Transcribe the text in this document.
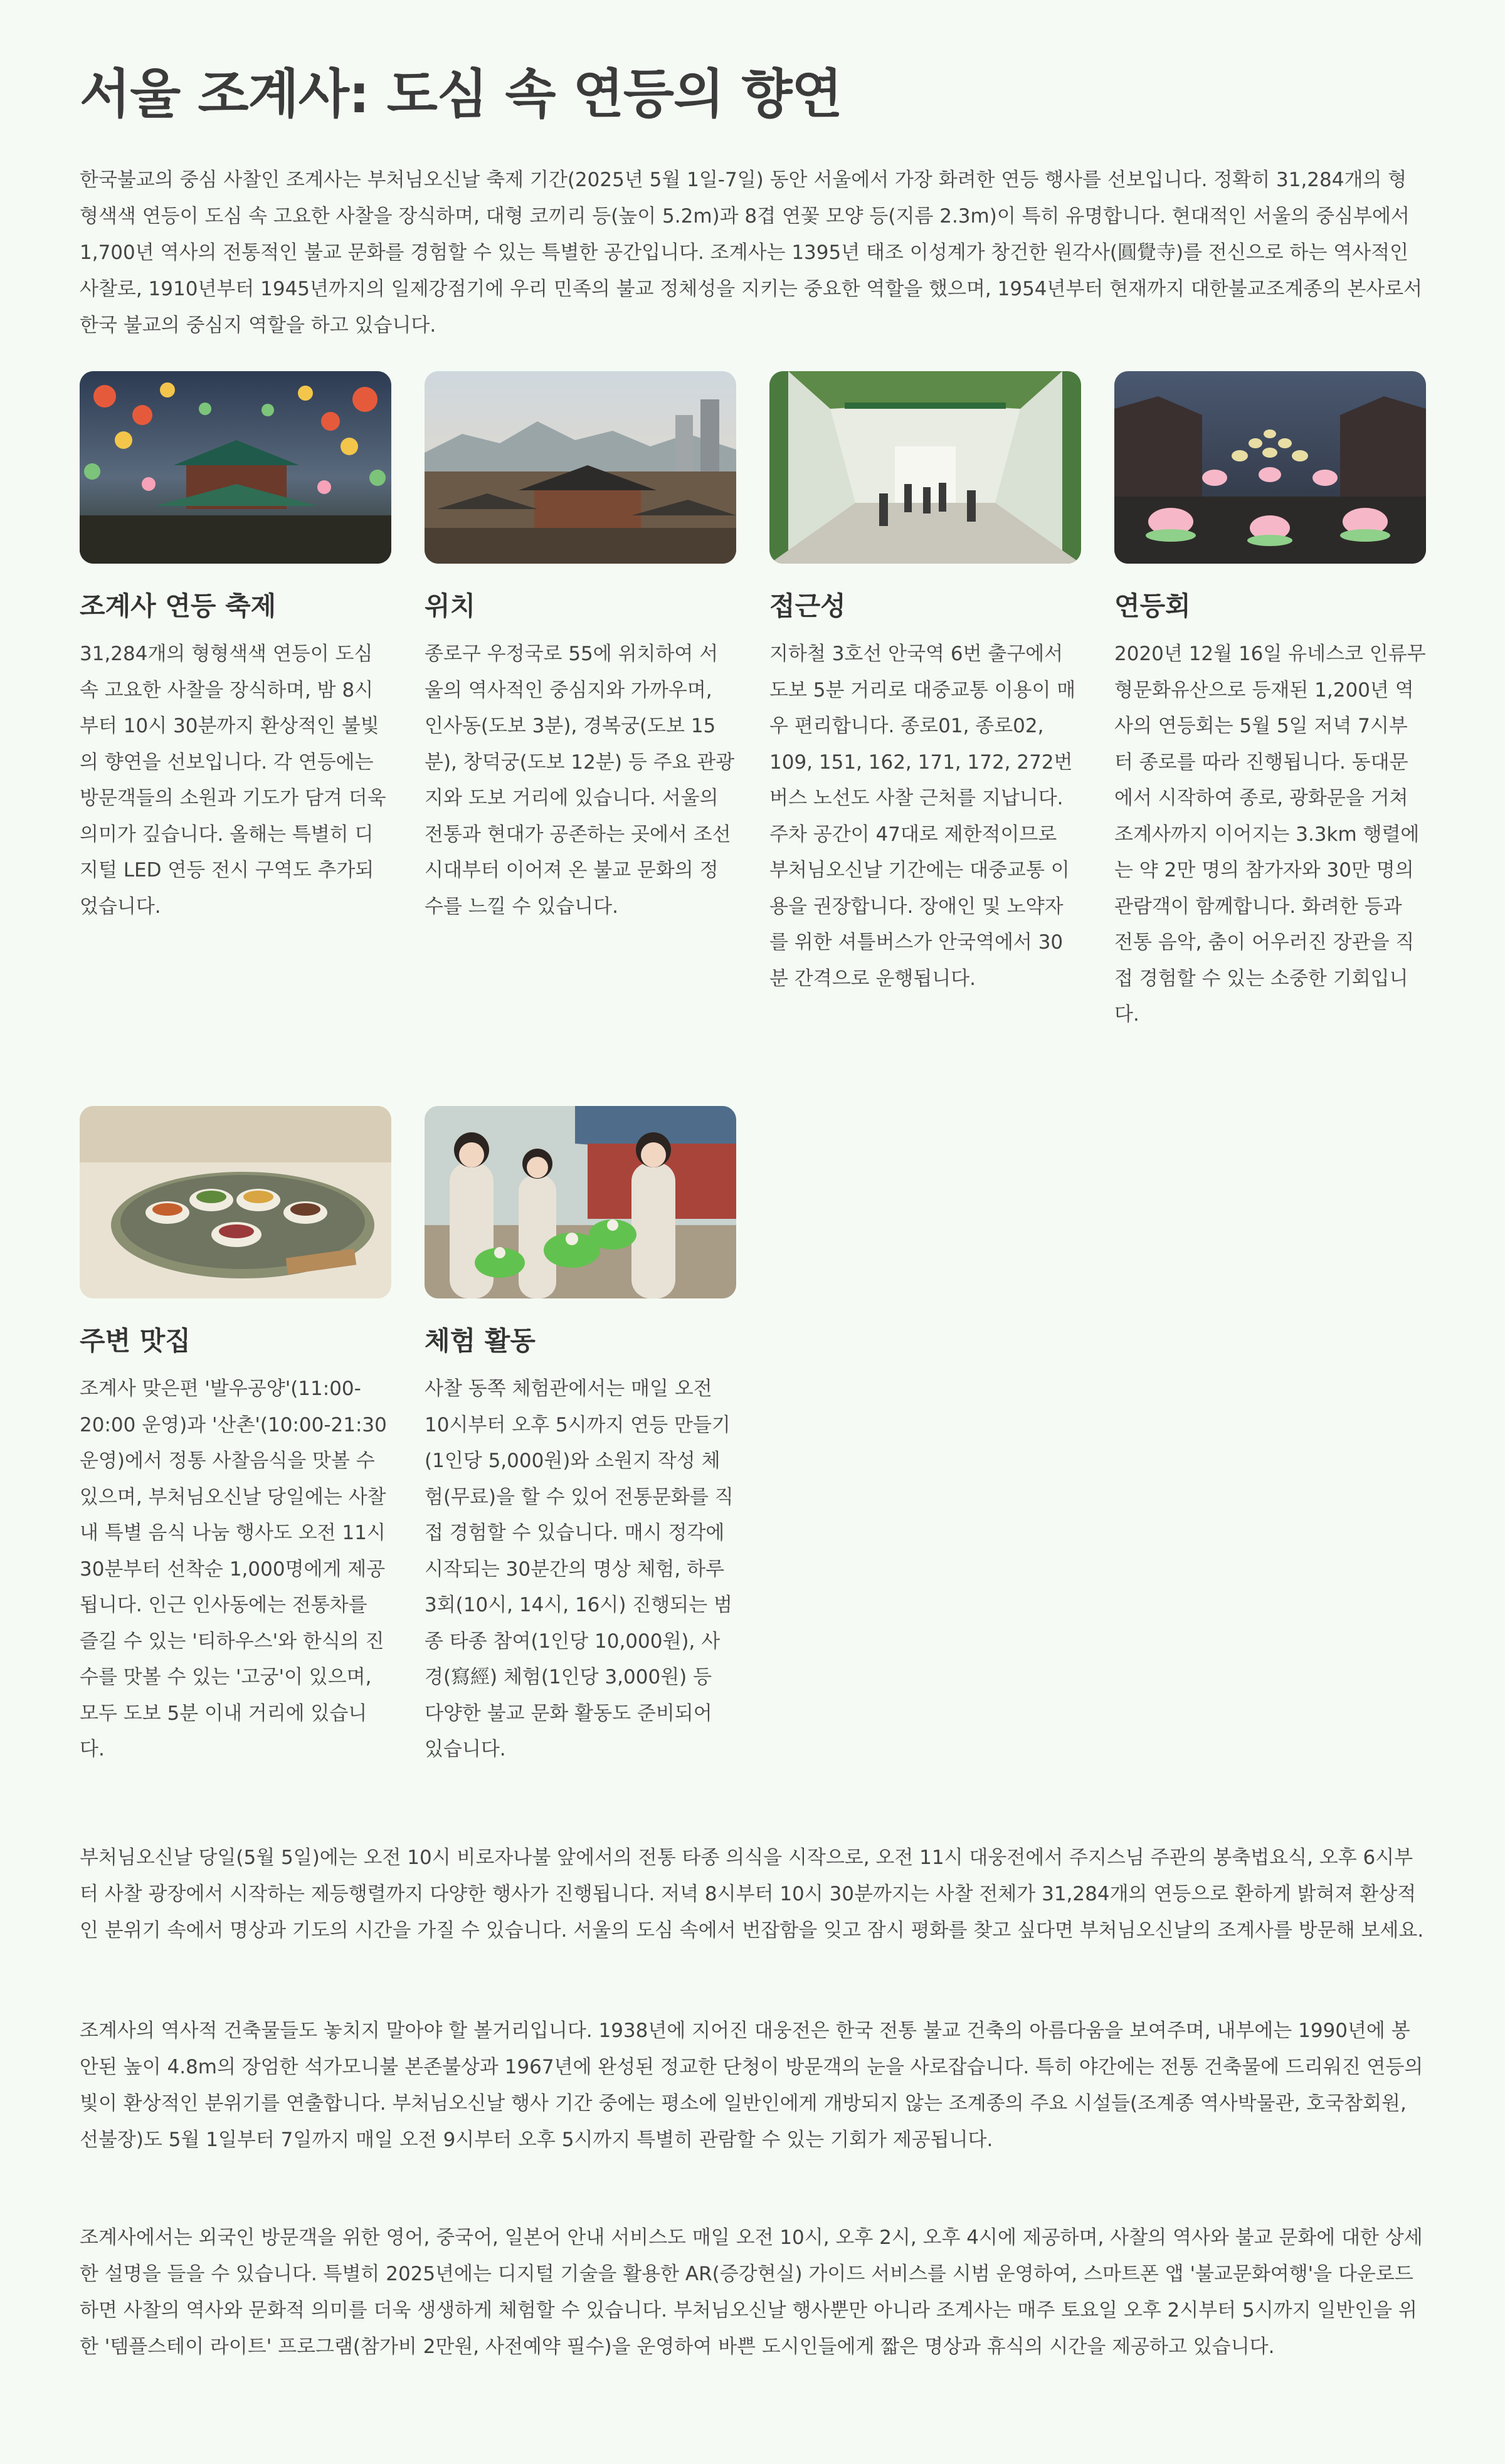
서울 조계사: 도심 속 연등의 향연

한국불교의 중심 사찰인 조계사는 부처님오신날 축제 기간(2025년 5월 1일-7일) 동안 서울에서 가장 화려한 연등 행사를 선보입니다. 정확히 31,284개의 형형색색 연등이 도심 속 고요한 사찰을 장식하며, 대형 코끼리 등(높이 5.2m)과 8겹 연꽃 모양 등(지름 2.3m)이 특히 유명합니다. 현대적인 서울의 중심부에서 1,700년 역사의 전통적인 불교 문화를 경험할 수 있는 특별한 공간입니다. 조계사는 1395년 태조 이성계가 창건한 원각사(圓覺寺)를 전신으로 하는 역사적인 사찰로, 1910년부터 1945년까지의 일제강점기에 우리 민족의 불교 정체성을 지키는 중요한 역할을 했으며, 1954년부터 현재까지 대한불교조계종의 본사로서 한국 불교의 중심지 역할을 하고 있습니다.

조계사 연등 축제

31,284개의 형형색색 연등이 도심 속 고요한 사찰을 장식하며, 밤 8시부터 10시 30분까지 환상적인 불빛의 향연을 선보입니다. 각 연등에는 방문객들의 소원과 기도가 담겨 더욱 의미가 깊습니다. 올해는 특별히 디지털 LED 연등 전시 구역도 추가되었습니다.

위치

종로구 우정국로 55에 위치하여 서울의 역사적인 중심지와 가까우며, 인사동(도보 3분), 경복궁(도보 15분), 창덕궁(도보 12분) 등 주요 관광지와 도보 거리에 있습니다. 서울의 전통과 현대가 공존하는 곳에서 조선시대부터 이어져 온 불교 문화의 정수를 느낄 수 있습니다.

접근성

지하철 3호선 안국역 6번 출구에서 도보 5분 거리로 대중교통 이용이 매우 편리합니다. 종로01, 종로02, 109, 151, 162, 171, 172, 272번 버스 노선도 사찰 근처를 지납니다. 주차 공간이 47대로 제한적이므로 부처님오신날 기간에는 대중교통 이용을 권장합니다. 장애인 및 노약자를 위한 셔틀버스가 안국역에서 30분 간격으로 운행됩니다.

연등회

2020년 12월 16일 유네스코 인류무형문화유산으로 등재된 1,200년 역사의 연등회는 5월 5일 저녁 7시부터 종로를 따라 진행됩니다. 동대문에서 시작하여 종로, 광화문을 거쳐 조계사까지 이어지는 3.3km 행렬에는 약 2만 명의 참가자와 30만 명의 관람객이 함께합니다. 화려한 등과 전통 음악, 춤이 어우러진 장관을 직접 경험할 수 있는 소중한 기회입니다.

주변 맛집

조계사 맞은편 '발우공양'(11:00-20:00 운영)과 '산촌'(10:00-21:30 운영)에서 정통 사찰음식을 맛볼 수 있으며, 부처님오신날 당일에는 사찰 내 특별 음식 나눔 행사도 오전 11시 30분부터 선착순 1,000명에게 제공됩니다. 인근 인사동에는 전통차를 즐길 수 있는 '티하우스'와 한식의 진수를 맛볼 수 있는 '고궁'이 있으며, 모두 도보 5분 이내 거리에 있습니다.

체험 활동

사찰 동쪽 체험관에서는 매일 오전 10시부터 오후 5시까지 연등 만들기(1인당 5,000원)와 소원지 작성 체험(무료)을 할 수 있어 전통문화를 직접 경험할 수 있습니다. 매시 정각에 시작되는 30분간의 명상 체험, 하루 3회(10시, 14시, 16시) 진행되는 범종 타종 참여(1인당 10,000원), 사경(寫經) 체험(1인당 3,000원) 등 다양한 불교 문화 활동도 준비되어 있습니다.

부처님오신날 당일(5월 5일)에는 오전 10시 비로자나불 앞에서의 전통 타종 의식을 시작으로, 오전 11시 대웅전에서 주지스님 주관의 봉축법요식, 오후 6시부터 사찰 광장에서 시작하는 제등행렬까지 다양한 행사가 진행됩니다. 저녁 8시부터 10시 30분까지는 사찰 전체가 31,284개의 연등으로 환하게 밝혀져 환상적인 분위기 속에서 명상과 기도의 시간을 가질 수 있습니다. 서울의 도심 속에서 번잡함을 잊고 잠시 평화를 찾고 싶다면 부처님오신날의 조계사를 방문해 보세요.

조계사의 역사적 건축물들도 놓치지 말아야 할 볼거리입니다. 1938년에 지어진 대웅전은 한국 전통 불교 건축의 아름다움을 보여주며, 내부에는 1990년에 봉안된 높이 4.8m의 장엄한 석가모니불 본존불상과 1967년에 완성된 정교한 단청이 방문객의 눈을 사로잡습니다. 특히 야간에는 전통 건축물에 드리워진 연등의 빛이 환상적인 분위기를 연출합니다. 부처님오신날 행사 기간 중에는 평소에 일반인에게 개방되지 않는 조계종의 주요 시설들(조계종 역사박물관, 호국참회원, 선불장)도 5월 1일부터 7일까지 매일 오전 9시부터 오후 5시까지 특별히 관람할 수 있는 기회가 제공됩니다.

조계사에서는 외국인 방문객을 위한 영어, 중국어, 일본어 안내 서비스도 매일 오전 10시, 오후 2시, 오후 4시에 제공하며, 사찰의 역사와 불교 문화에 대한 상세한 설명을 들을 수 있습니다. 특별히 2025년에는 디지털 기술을 활용한 AR(증강현실) 가이드 서비스를 시범 운영하여, 스마트폰 앱 '불교문화여행'을 다운로드하면 사찰의 역사와 문화적 의미를 더욱 생생하게 체험할 수 있습니다. 부처님오신날 행사뿐만 아니라 조계사는 매주 토요일 오후 2시부터 5시까지 일반인을 위한 '템플스테이 라이트' 프로그램(참가비 2만원, 사전예약 필수)을 운영하여 바쁜 도시인들에게 짧은 명상과 휴식의 시간을 제공하고 있습니다.
